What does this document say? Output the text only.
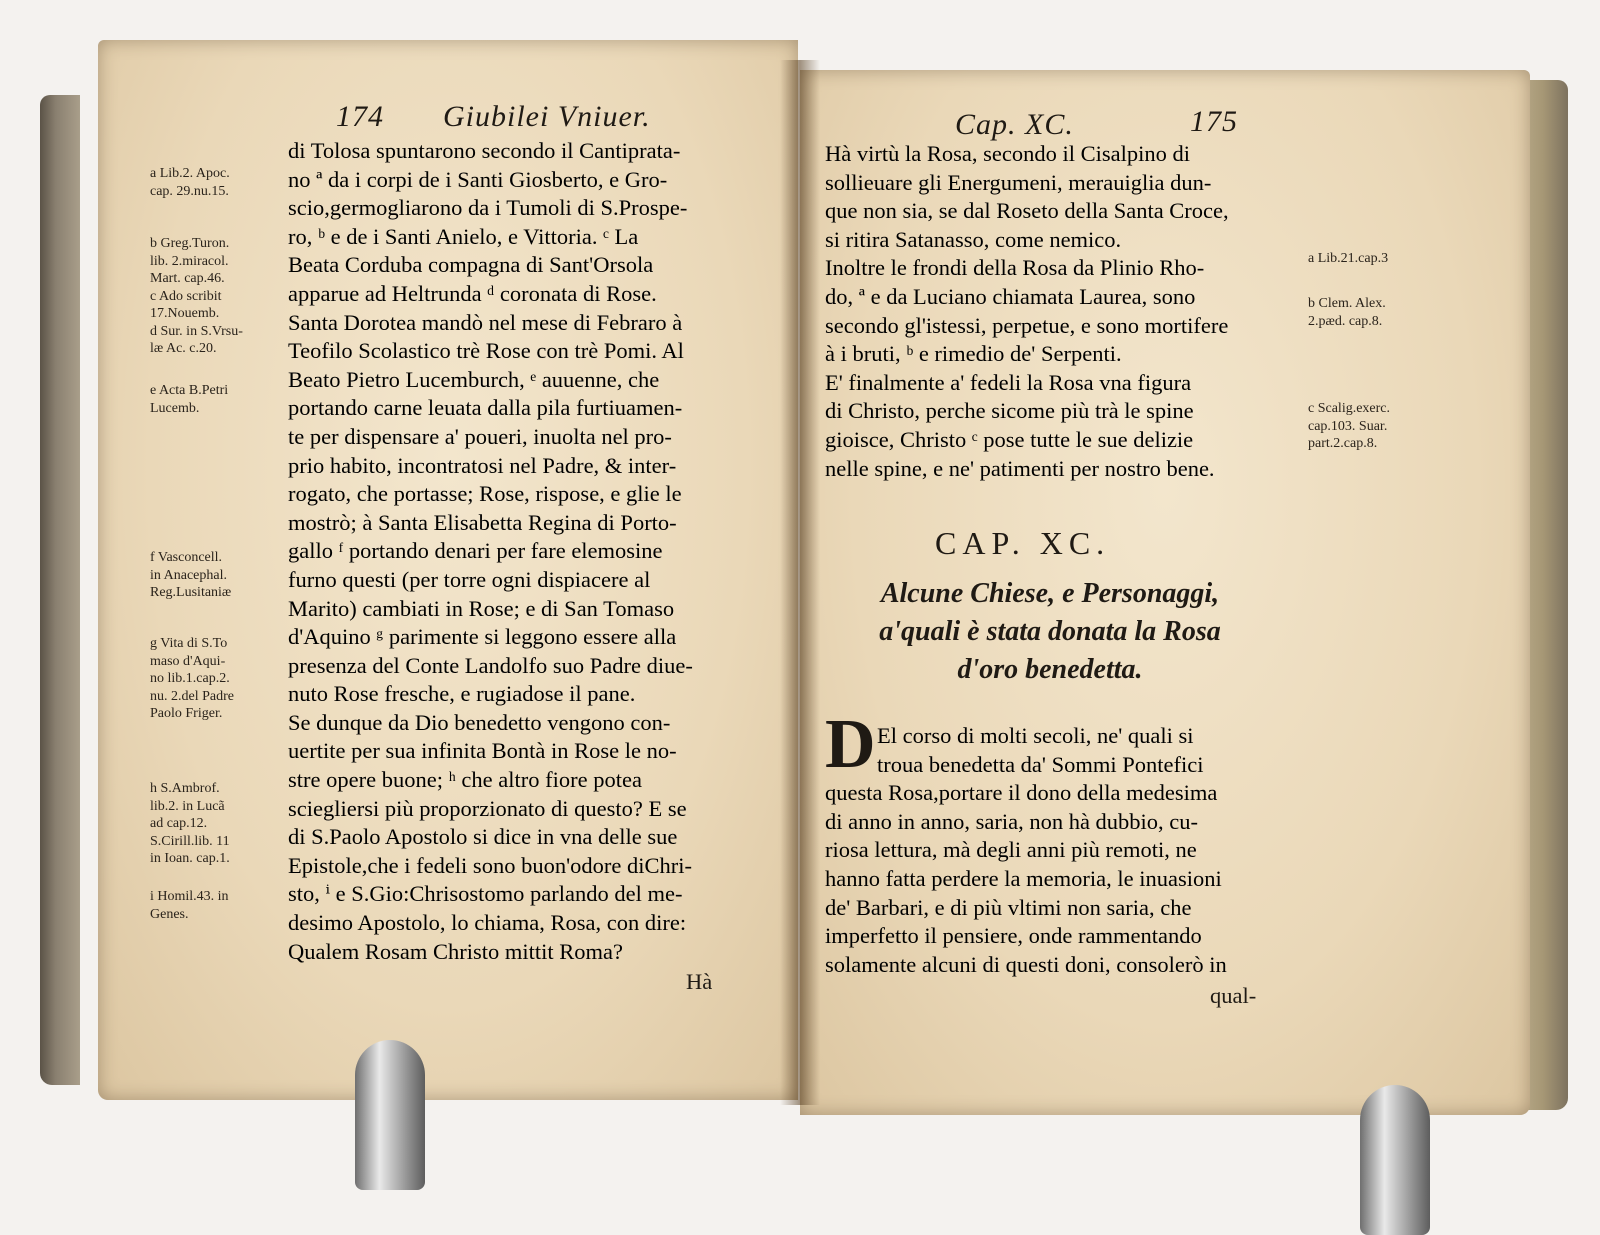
174 Giubilei Vniuer.
di Tolosa spuntarono secondo il Cantiprata-
no ª da i corpi de i Santi Giosberto, e Gro-
scio,germogliarono da i Tumoli di S.Prospe-
ro, ᵇ e de i Santi Anielo, e Vittoria. ᶜ La
Beata Corduba compagna di Sant'Orsola
apparue ad Heltrunda ᵈ coronata di Rose.
Santa Dorotea mandò nel mese di Febraro à
Teofilo Scolastico trè Rose con trè Pomi. Al
Beato Pietro Lucemburch, ᵉ auuenne, che
portando carne leuata dalla pila furtiuamen-
te per dispensare a' poueri, inuolta nel pro-
prio habito, incontratosi nel Padre, & inter-
rogato, che portasse; Rose, rispose, e glie le
mostrò; à Santa Elisabetta Regina di Porto-
gallo ᶠ portando denari per fare elemosine
furno questi (per torre ogni dispiacere al
Marito) cambiati in Rose; e di San Tomaso
d'Aquino ᵍ parimente si leggono essere alla
presenza del Conte Landolfo suo Padre diue-
nuto Rose fresche, e rugiadose il pane.
Se dunque da Dio benedetto vengono con-
uertite per sua infinita Bontà in Rose le no-
stre opere buone; ʰ che altro fiore potea
sciegliersi più proporzionato di questo? E se
di S.Paolo Apostolo si dice in vna delle sue
Epistole,che i fedeli sono buon'odore diChri-
sto, ⁱ e S.Gio:Chrisostomo parlando del me-
desimo Apostolo, lo chiama, Rosa, con dire:
Qualem Rosam Christo mittit Roma?
Hà
a Lib.2. Apoc.
cap. 29.nu.15.
b Greg.Turon.
lib. 2.miracol.
Mart. cap.46.
c Ado scribit
17.Nouemb.
d Sur. in S.Vrsu-
læ Ac. c.20.
e Acta B.Petri
Lucemb.
f Vasconcell.
in Anacephal.
Reg.Lusitaniæ
g Vita di S.To
maso d'Aqui-
no lib.1.cap.2.
nu. 2.del Padre
Paolo Friger.
h S.Ambrof.
lib.2. in Lucã
ad cap.12.
S.Cirill.lib. 11
in Ioan. cap.1.
i Homil.43. in
Genes.
Cap. XC.	175
Hà virtù la Rosa, secondo il Cisalpino di
sollieuare gli Energumeni, merauiglia dun-
que non sia, se dal Roseto della Santa Croce,
si ritira Satanasso, come nemico.
Inoltre le frondi della Rosa da Plinio Rho-
do, ª e da Luciano chiamata Laurea, sono
secondo gl'istessi, perpetue, e sono mortifere
à i bruti, ᵇ e rimedio de' Serpenti.
E' finalmente a' fedeli la Rosa vna figura
di Christo, perche sicome più trà le spine
gioisce, Christo ᶜ pose tutte le sue delizie
nelle spine, e ne' patimenti per nostro bene.
a Lib.21.cap.3
b Clem. Alex.
2.pæd. cap.8.
c Scalig.exerc.
cap.103. Suar.
part.2.cap.8.
CAP. XC.
Alcune Chiese, e Personaggi,
a'quali è stata donata la Rosa
d'oro benedetta.
D El corso di molti secoli, ne' quali si
troua benedetta da' Sommi Pontefici
questa Rosa,portare il dono della medesima
di anno in anno, saria, non hà dubbio, cu-
riosa lettura, mà degli anni più remoti, ne
hanno fatta perdere la memoria, le inuasioni
de' Barbari, e di più vltimi non saria, che
imperfetto il pensiere, onde rammentando
solamente alcuni di questi doni, consolerò in
qual-
